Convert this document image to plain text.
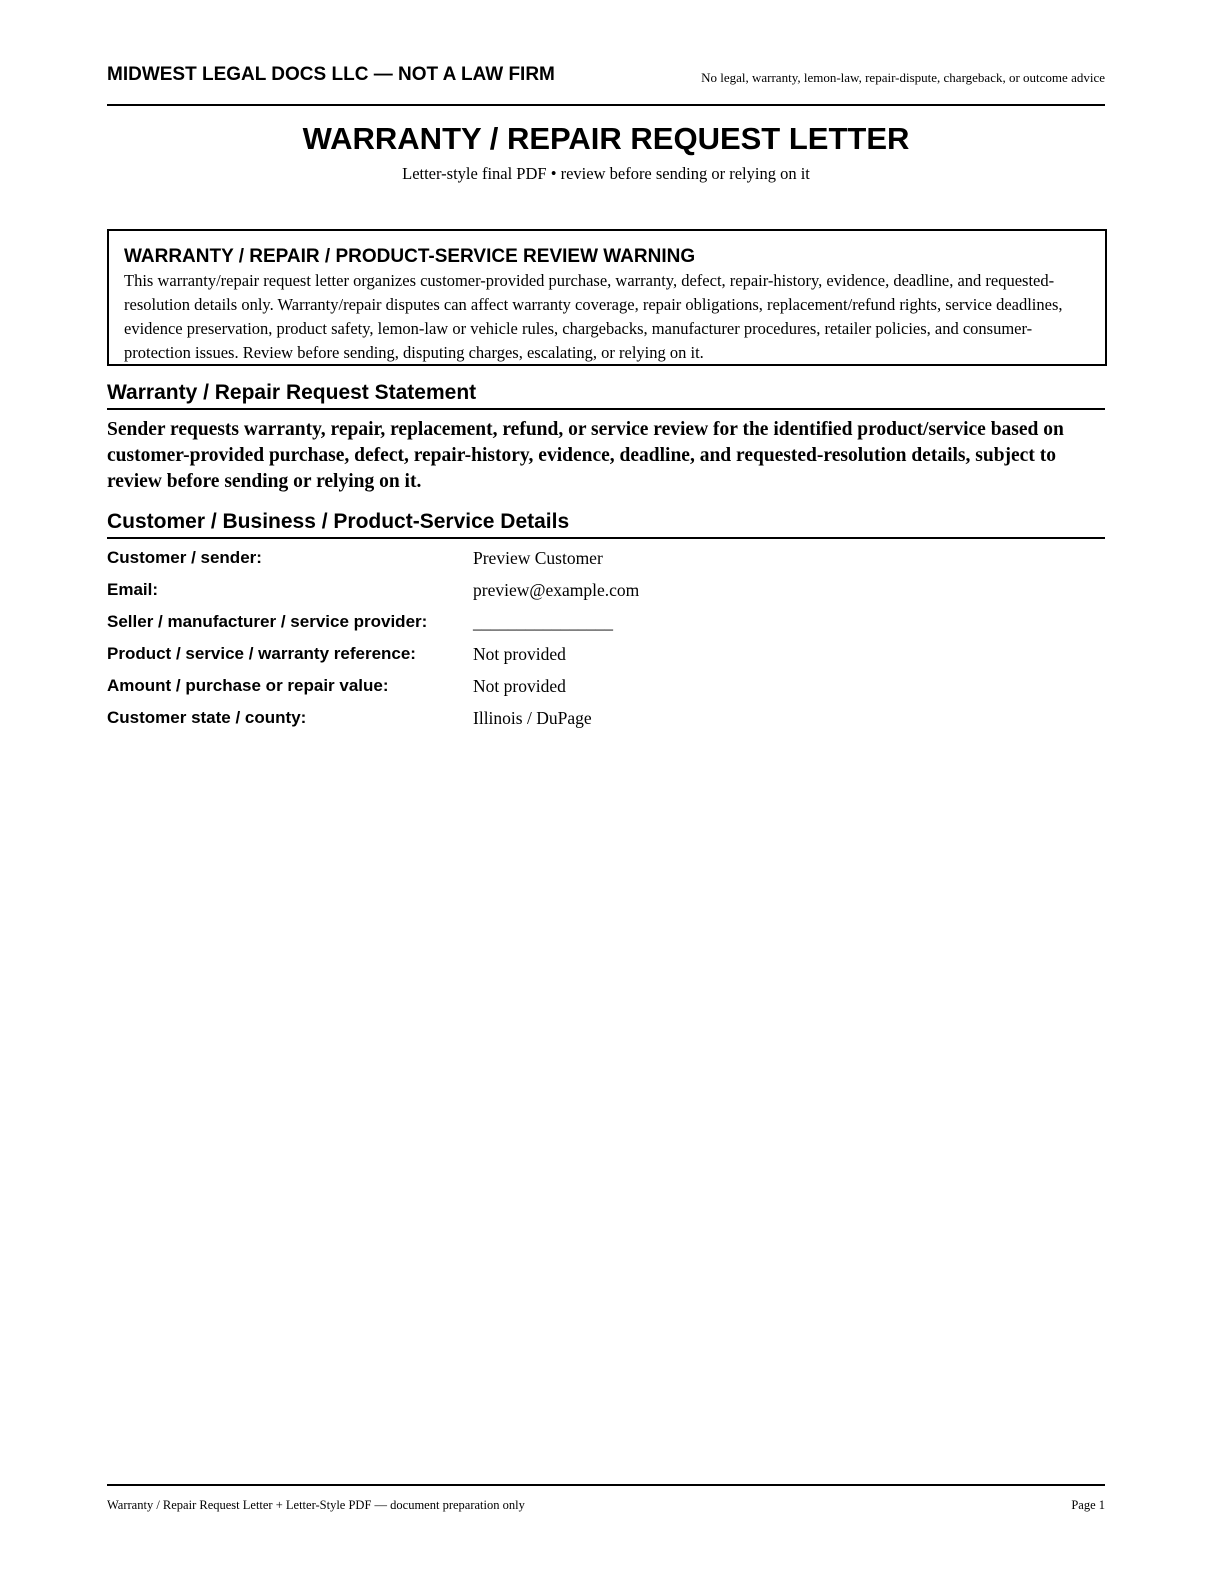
MIDWEST LEGAL DOCS LLC — NOT A LAW FIRM	No legal, warranty, lemon-law, repair-dispute, chargeback, or outcome advice
WARRANTY / REPAIR REQUEST LETTER
Letter-style final PDF • review before sending or relying on it
WARRANTY / REPAIR / PRODUCT-SERVICE REVIEW WARNING
This warranty/repair request letter organizes customer-provided purchase, warranty, defect, repair-history, evidence, deadline, and requested-resolution details only. Warranty/repair disputes can affect warranty coverage, repair obligations, replacement/refund rights, service deadlines, evidence preservation, product safety, lemon-law or vehicle rules, chargebacks, manufacturer procedures, retailer policies, and consumer-protection issues. Review before sending, disputing charges, escalating, or relying on it.
Warranty / Repair Request Statement
Sender requests warranty, repair, replacement, refund, or service review for the identified product/service based on customer-provided purchase, defect, repair-history, evidence, deadline, and requested-resolution details, subject to review before sending or relying on it.
Customer / Business / Product-Service Details
Customer / sender:	Preview Customer
Email:	preview@example.com
Seller / manufacturer / service provider:	________________
Product / service / warranty reference:	Not provided
Amount / purchase or repair value:	Not provided
Customer state / county:	Illinois / DuPage
Warranty / Repair Request Letter + Letter-Style PDF — document preparation only	Page 1
